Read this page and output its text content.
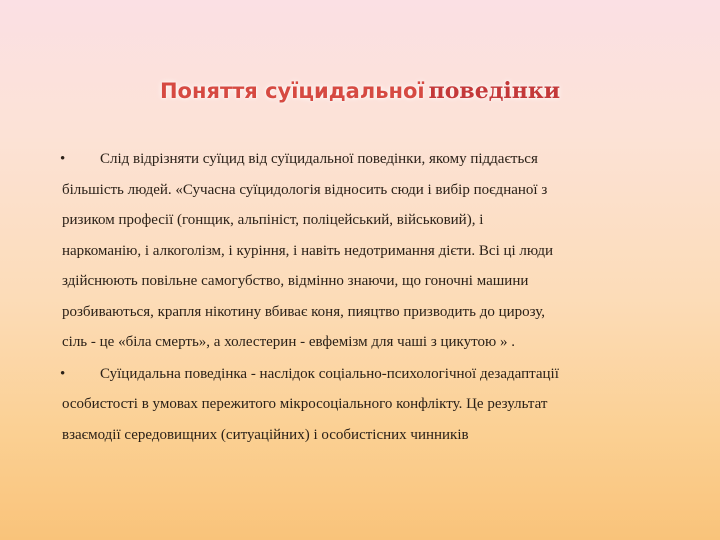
Поняття суїцидальної поведінки
•	Слід відрізняти суїцид від суїцидальної поведінки, якому піддається
більшість людей. «Сучасна суїцидологія відносить сюди і вибір поєднаної з
ризиком професії (гонщик, альпініст, поліцейський, військовий), і
наркоманію, і алкоголізм, і куріння, і навіть недотримання дієти. Всі ці люди
здійснюють повільне самогубство, відмінно знаючи, що гоночні машини
розбиваються, крапля нікотину вбиває коня, пияцтво призводить до цирозу,
сіль - це «біла смерть», а холестерин - евфемізм для чаші з цикутою » .
•	Суїцидальна поведінка - наслідок соціально-психологічної дезадаптації
особистості в умовах пережитого мікросоціального конфлікту. Це результат
взаємодії середовищних (ситуаційних) і особистісних чинників
